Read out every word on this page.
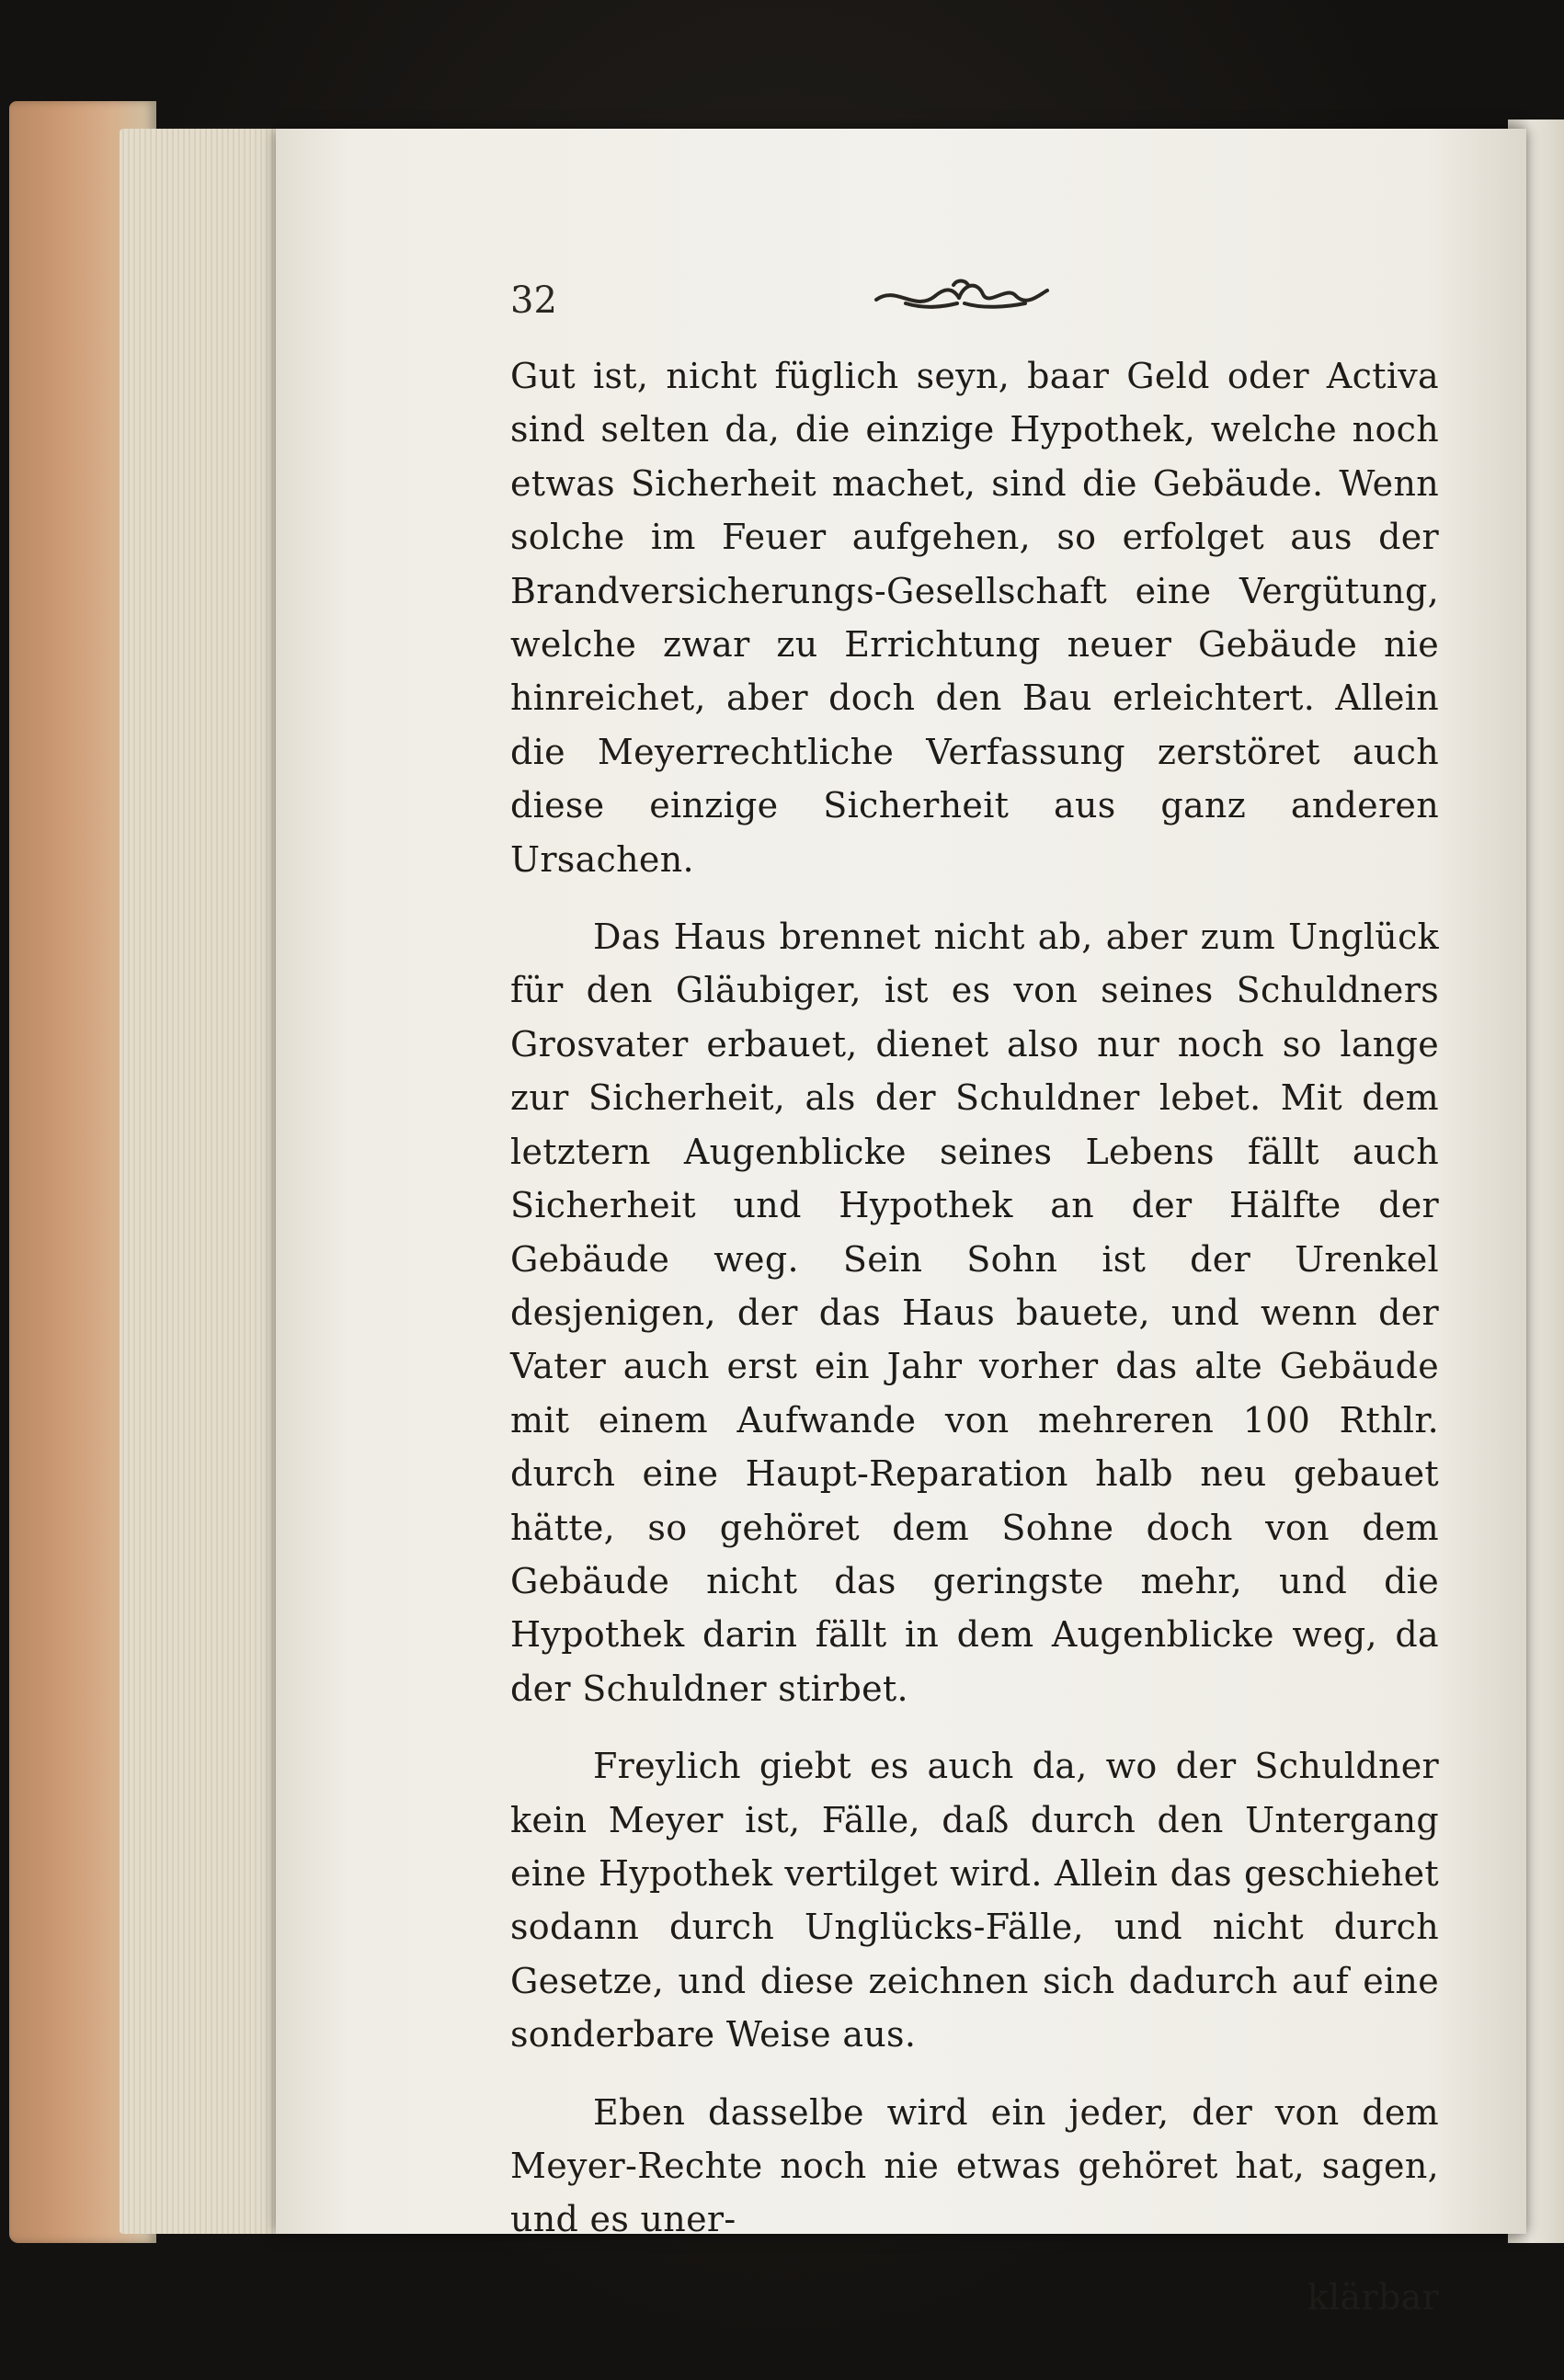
32

Gut ist, nicht füglich seyn, baar Geld oder Activa sind selten da, die einzige Hypothek, welche noch etwas Sicherheit machet, sind die Gebäude. Wenn solche im Feuer aufgehen, so erfolget aus der Brandversicherungs-Gesellschaft eine Vergütung, welche zwar zu Errichtung neuer Gebäude nie hinreichet, aber doch den Bau erleichtert. Allein die Meyerrechtliche Verfassung zerstöret auch diese einzige Sicherheit aus ganz anderen Ursachen.

Das Haus brennet nicht ab, aber zum Unglück für den Gläubiger, ist es von seines Schuldners Grosvater erbauet, dienet also nur noch so lange zur Sicherheit, als der Schuldner lebet. Mit dem letztern Augenblicke seines Lebens fällt auch Sicherheit und Hypothek an der Hälfte der Gebäude weg. Sein Sohn ist der Urenkel desjenigen, der das Haus bauete, und wenn der Vater auch erst ein Jahr vorher das alte Gebäude mit einem Aufwande von mehreren 100 Rthlr. durch eine Haupt-Reparation halb neu gebauet hätte, so gehöret dem Sohne doch von dem Gebäude nicht das geringste mehr, und die Hypothek darin fällt in dem Augenblicke weg, da der Schuldner stirbet.

Freylich giebt es auch da, wo der Schuldner kein Meyer ist, Fälle, daß durch den Untergang eine Hypothek vertilget wird. Allein das geschiehet sodann durch Unglücks-Fälle, und nicht durch Gesetze, und diese zeichnen sich dadurch auf eine sonderbare Weise aus.

Eben dasselbe wird ein jeder, der von dem Meyer-Rechte noch nie etwas gehöret hat, sagen, und es uner-

klärbar
